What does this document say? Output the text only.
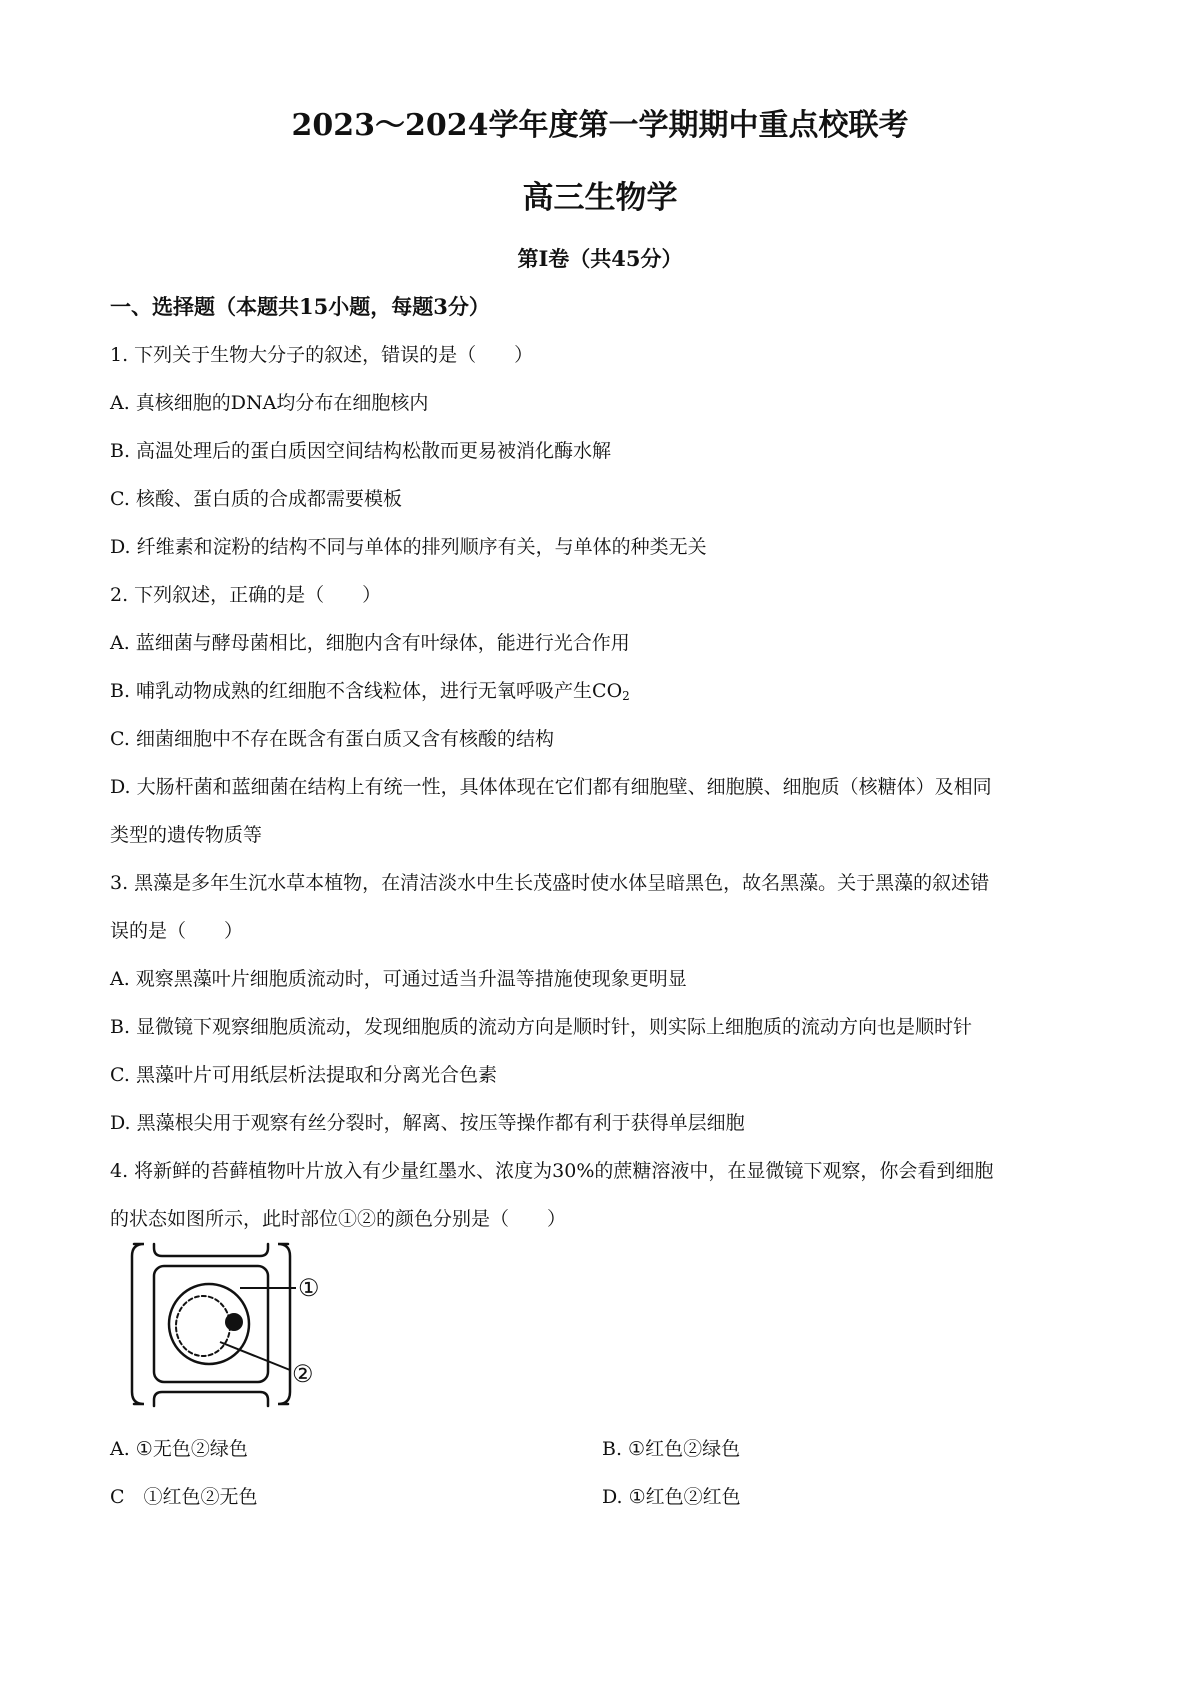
2023～2024学年度第一学期期中重点校联考
高三生物学
第Ⅰ卷（共45分）
一、选择题（本题共15小题，每题3分）
1. 下列关于生物大分子的叙述，错误的是（　　）
A. 真核细胞的DNA均分布在细胞核内
B. 高温处理后的蛋白质因空间结构松散而更易被消化酶水解
C. 核酸、蛋白质的合成都需要模板
D. 纤维素和淀粉的结构不同与单体的排列顺序有关，与单体的种类无关
2. 下列叙述，正确的是（　　）
A. 蓝细菌与酵母菌相比，细胞内含有叶绿体，能进行光合作用
B. 哺乳动物成熟的红细胞不含线粒体，进行无氧呼吸产生$CO_2$
C. 细菌细胞中不存在既含有蛋白质又含有核酸的结构
D. 大肠杆菌和蓝细菌在结构上有统一性，具体体现在它们都有细胞壁、细胞膜、细胞质（核糖体）及相同
类型的遗传物质等
3. 黑藻是多年生沉水草本植物，在清洁淡水中生长茂盛时使水体呈暗黑色，故名黑藻。关于黑藻的叙述错
误的是（　　）
A. 观察黑藻叶片细胞质流动时，可通过适当升温等措施使现象更明显
B. 显微镜下观察细胞质流动，发现细胞质的流动方向是顺时针，则实际上细胞质的流动方向也是顺时针
C. 黑藻叶片可用纸层析法提取和分离光合色素
D. 黑藻根尖用于观察有丝分裂时，解离、按压等操作都有利于获得单层细胞
4. 将新鲜的苔藓植物叶片放入有少量红墨水、浓度为30%的蔗糖溶液中，在显微镜下观察，你会看到细胞
的状态如图所示，此时部位①②的颜色分别是（　　）
①
②
A. ①无色②绿色	B. ①红色②绿色
C　①红色②无色	D. ①红色②红色
